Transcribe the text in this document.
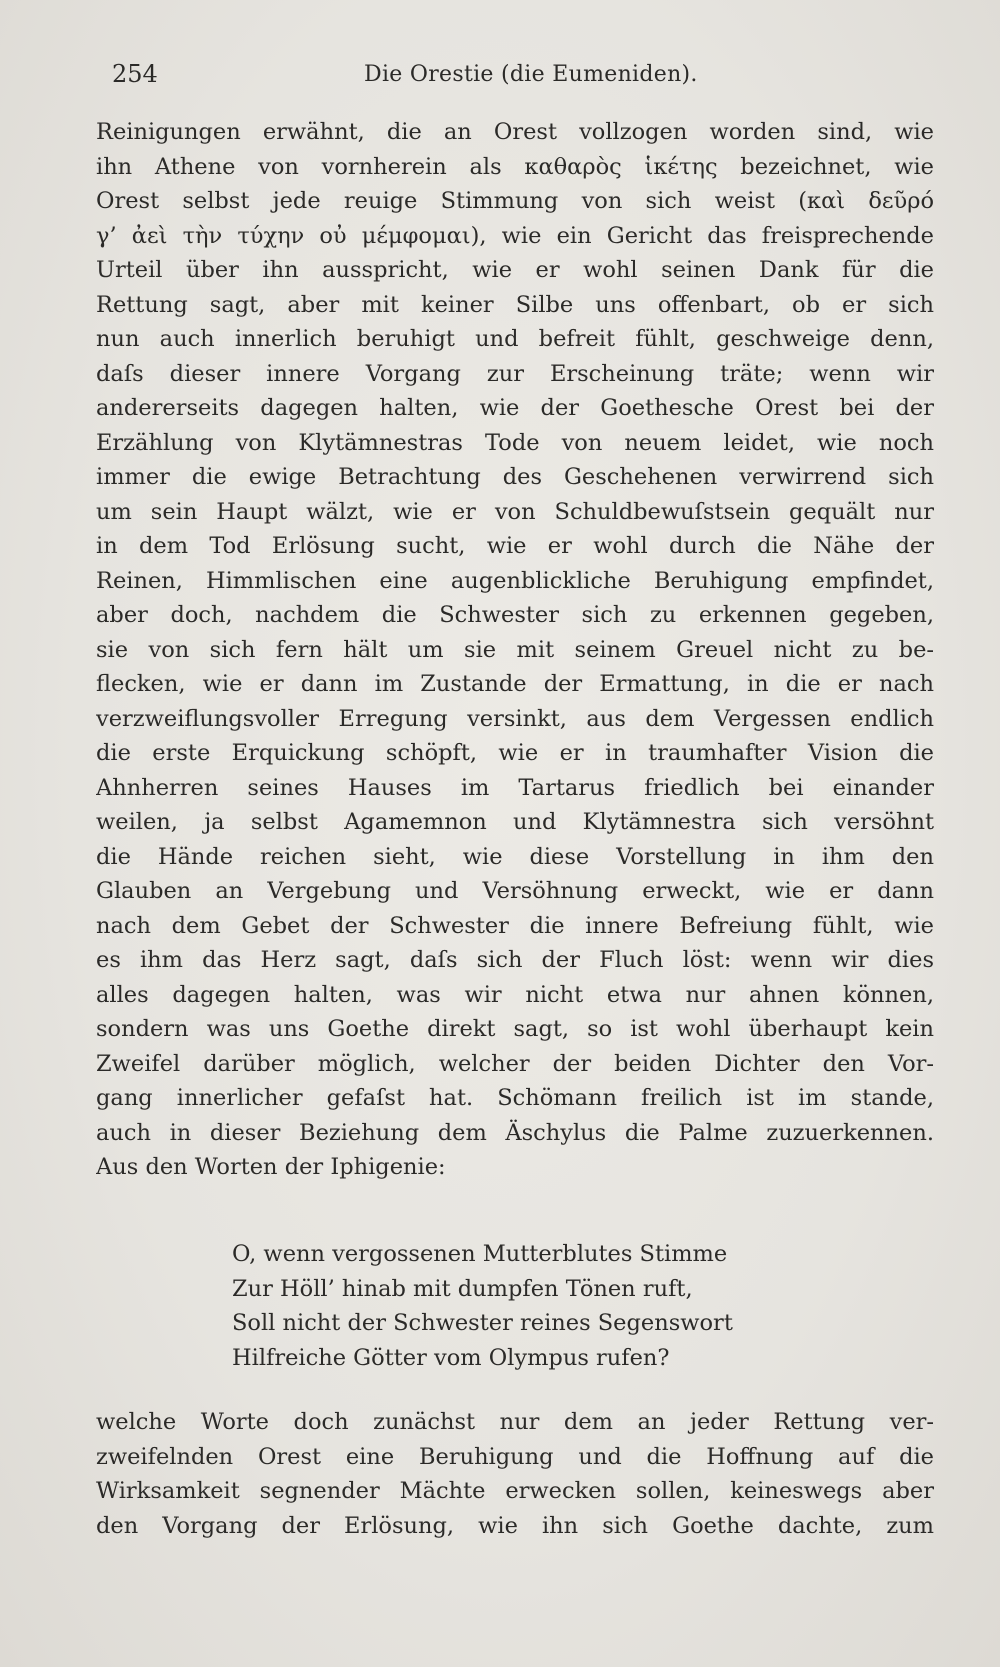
254	Die Orestie (die Eumeniden).
Reinigungen erwähnt, die an Orest vollzogen worden sind, wie
ihn Athene von vornherein als καθαρὸς ἱκέτης bezeichnet, wie
Orest selbst jede reuige Stimmung von sich weist (καὶ δεῦρό
γ’ ἀεὶ τὴν τύχην οὐ μέμφομαι), wie ein Gericht das freisprechende
Urteil über ihn ausspricht, wie er wohl seinen Dank für die
Rettung sagt, aber mit keiner Silbe uns offenbart, ob er sich
nun auch innerlich beruhigt und befreit fühlt, geschweige denn,
daſs dieser innere Vorgang zur Erscheinung träte; wenn wir
andererseits dagegen halten, wie der Goethesche Orest bei der
Erzählung von Klytämnestras Tode von neuem leidet, wie noch
immer die ewige Betrachtung des Geschehenen verwirrend sich
um sein Haupt wälzt, wie er von Schuldbewuſstsein gequält nur
in dem Tod Erlösung sucht, wie er wohl durch die Nähe der
Reinen, Himmlischen eine augenblickliche Beruhigung empfindet,
aber doch, nachdem die Schwester sich zu erkennen gegeben,
sie von sich fern hält um sie mit seinem Greuel nicht zu be-
flecken, wie er dann im Zustande der Ermattung, in die er nach
verzweiflungsvoller Erregung versinkt, aus dem Vergessen endlich
die erste Erquickung schöpft, wie er in traumhafter Vision die
Ahnherren seines Hauses im Tartarus friedlich bei einander
weilen, ja selbst Agamemnon und Klytämnestra sich versöhnt
die Hände reichen sieht, wie diese Vorstellung in ihm den
Glauben an Vergebung und Versöhnung erweckt, wie er dann
nach dem Gebet der Schwester die innere Befreiung fühlt, wie
es ihm das Herz sagt, daſs sich der Fluch löst: wenn wir dies
alles dagegen halten, was wir nicht etwa nur ahnen können,
sondern was uns Goethe direkt sagt, so ist wohl überhaupt kein
Zweifel darüber möglich, welcher der beiden Dichter den Vor-
gang innerlicher gefaſst hat. Schömann freilich ist im stande,
auch in dieser Beziehung dem Äschylus die Palme zuzuerkennen.
Aus den Worten der Iphigenie:
O, wenn vergossenen Mutterblutes Stimme
Zur Höll’ hinab mit dumpfen Tönen ruft,
Soll nicht der Schwester reines Segenswort
Hilfreiche Götter vom Olympus rufen?
welche Worte doch zunächst nur dem an jeder Rettung ver-
zweifelnden Orest eine Beruhigung und die Hoffnung auf die
Wirksamkeit segnender Mächte erwecken sollen, keineswegs aber
den Vorgang der Erlösung, wie ihn sich Goethe dachte, zum
